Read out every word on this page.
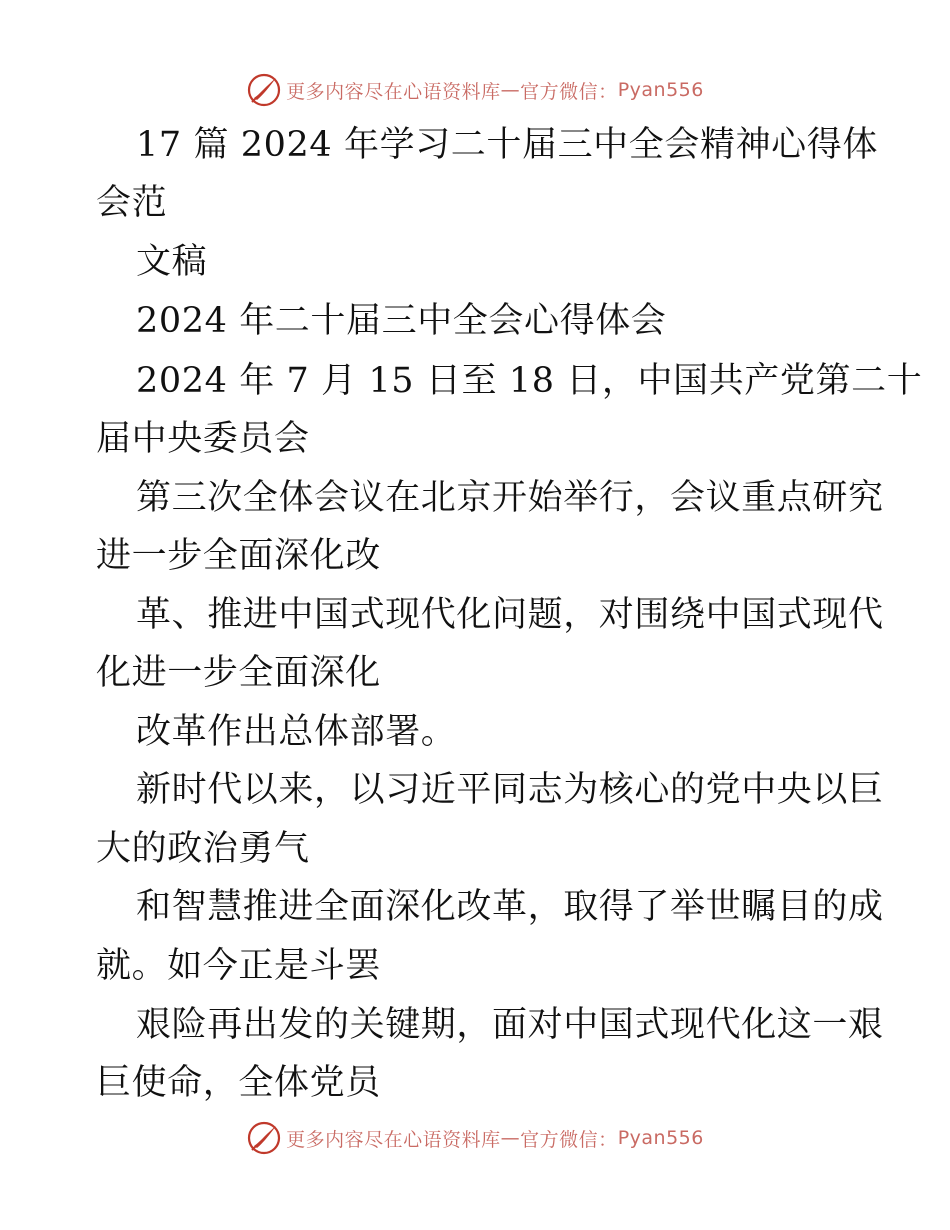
更多内容尽在心语资料库 — 官方微信： Pyan556
17 篇 2024 年学习二十届三中全会精神心得体
会范
文稿
2024 年二十届三中全会心得体会
2024 年 7 月 15 日至 18 日，中国共产党第二十
届中央委员会
第三次全体会议在北京开始举行，会议重点研究
进一步全面深化改
革、推进中国式现代化问题，对围绕中国式现代
化进一步全面深化
改革作出总体部署。
新时代以来，以习近平同志为核心的党中央以巨
大的政治勇气
和智慧推进全面深化改革，取得了举世瞩目的成
就。如今正是斗罢
艰险再出发的关键期，面对中国式现代化这一艰
巨使命，全体党员
更多内容尽在心语资料库 — 官方微信： Pyan556
